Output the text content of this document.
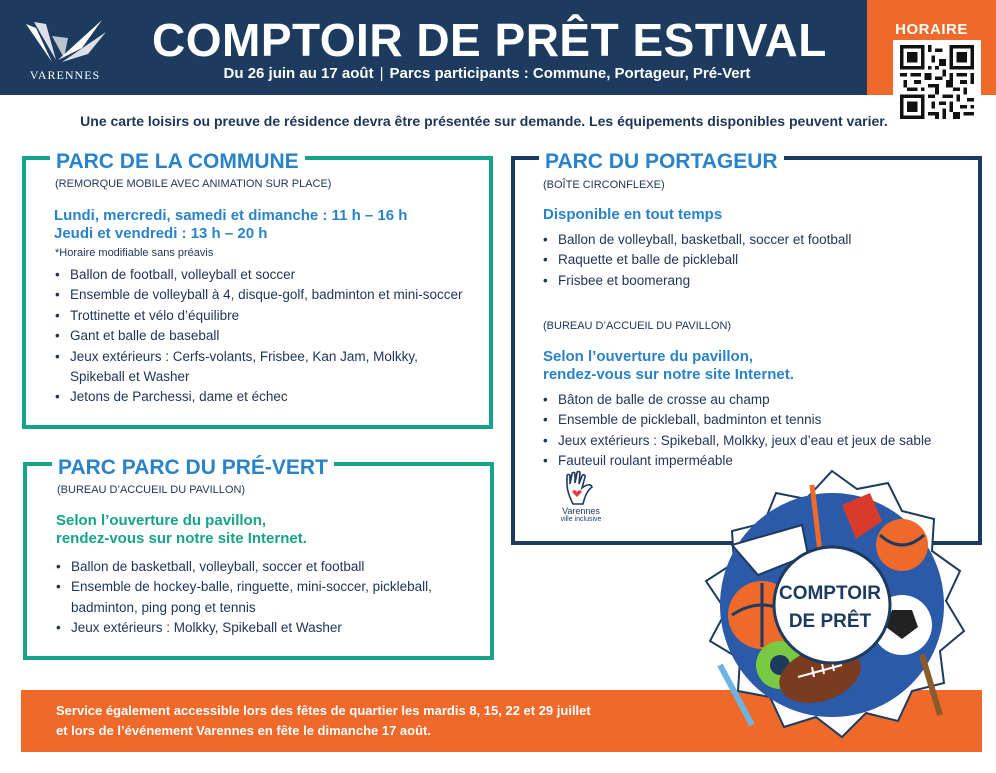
VARENNES
COMPTOIR DE PRÊT ESTIVAL
Du 26 juin au 17 août | Parcs participants : Commune, Portageur, Pré-Vert
HORAIRE
Une carte loisirs ou preuve de résidence devra être présentée sur demande. Les équipements disponibles peuvent varier.
PARC DE LA COMMUNE
(REMORQUE MOBILE AVEC ANIMATION SUR PLACE)
Lundi, mercredi, samedi et dimanche : 11 h – 16 h
Jeudi et vendredi : 13 h – 20 h
*Horaire modifiable sans préavis
• Ballon de football, volleyball et soccer
• Ensemble de volleyball à 4, disque-golf, badminton et mini-soccer
• Trottinette et vélo d’équilibre
• Gant et balle de baseball
• Jeux extérieurs : Cerfs-volants, Frisbee, Kan Jam, Molkky,
Spikeball et Washer
• Jetons de Parchessi, dame et échec
PARC PARC DU PRÉ-VERT
(BUREAU D’ACCUEIL DU PAVILLON)
Selon l’ouverture du pavillon,
rendez-vous sur notre site Internet.
• Ballon de basketball, volleyball, soccer et football
• Ensemble de hockey-balle, ringuette, mini-soccer, pickleball,
badminton, ping pong et tennis
• Jeux extérieurs : Molkky, Spikeball et Washer
PARC DU PORTAGEUR
(BOÎTE CIRCONFLEXE)
Disponible en tout temps
• Ballon de volleyball, basketball, soccer et football
• Raquette et balle de pickleball
• Frisbee et boomerang
(BUREAU D’ACCUEIL DU PAVILLON)
Selon l’ouverture du pavillon,
rendez-vous sur notre site Internet.
• Bâton de balle de crosse au champ
• Ensemble de pickleball, badminton et tennis
• Jeux extérieurs : Spikeball, Molkky, jeux d’eau et jeux de sable
• Fauteuil roulant imperméable
Varennes
ville inclusive
Service également accessible lors des fêtes de quartier les mardis 8, 15, 22 et 29 juillet
et lors de l’événement Varennes en fête le dimanche 17 août.
COMPTOIR
DE PRÊT
